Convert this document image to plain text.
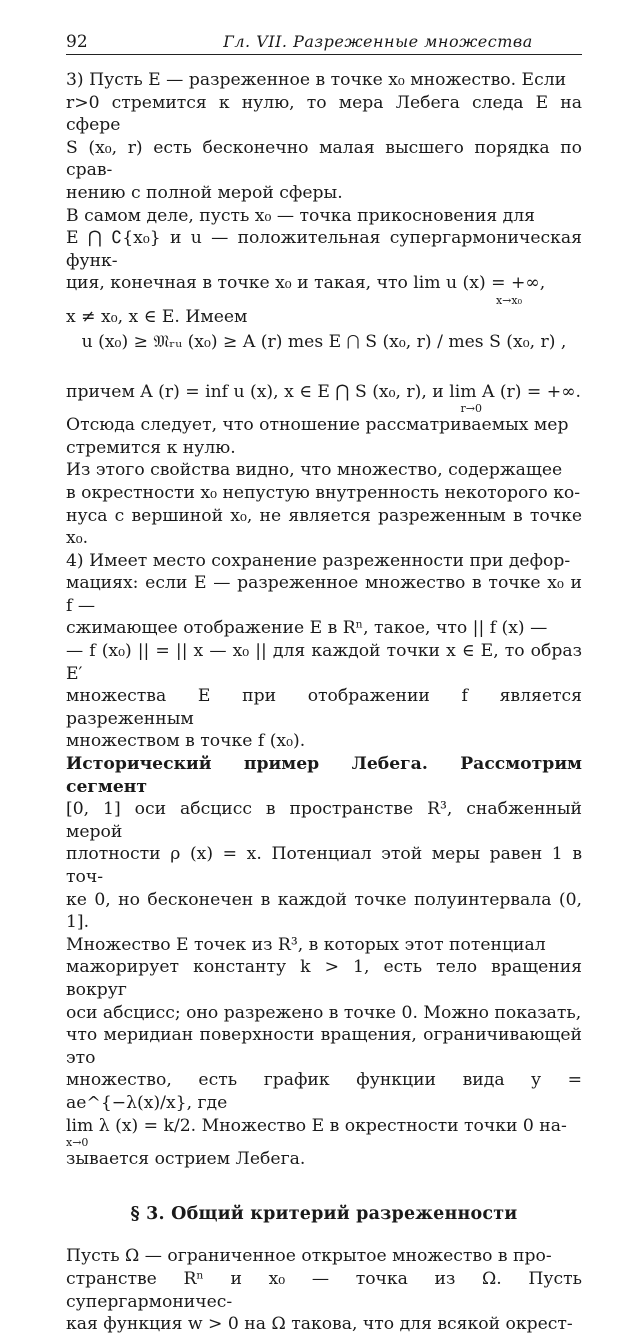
92	Гл. VII. Разреженные множества

3) Пусть E — разреженное в точке x₀ множество. Если

r>0 стремится к нулю, то мера Лебега следа E на сфере

S (x₀, r) есть бесконечно малая высшего порядка по срав-

нению с полной мерой сферы.

В самом деле, пусть x₀ — точка прикосновения для

E ⋂ ∁{x₀} и u — положительная супергармоническая функ-

ция, конечная в точке x₀ и такая, что lim u (x) = +∞,

x→x₀

x ≠ x₀, x ∈ E. Имеем

u (x₀) ≥ 𝔐ᵣᵤ (x₀) ≥ A (r) mes E ⋂ S (x₀, r) / mes S (x₀, r) ,

причем A (r) = inf u (x), x ∈ E ⋂ S (x₀, r), и lim A (r) = +∞.

r→0

Отсюда следует, что отношение рассматриваемых мер

стремится к нулю.

Из этого свойства видно, что множество, содержащее

в окрестности x₀ непустую внутренность некоторого ко-

нуса с вершиной x₀, не является разреженным в точке x₀.

4) Имеет место сохранение разреженности при дефор-

мациях: если E — разреженное множество в точке x₀ и f —

сжимающее отображение E в Rⁿ, такое, что || f (x) —

— f (x₀) || = || x — x₀ || для каждой точки x ∈ E, то образ E′

множества E при отображении f является разреженным

множеством в точке f (x₀).

Исторический пример Лебега. Рассмотрим сегмент

[0, 1] оси абсцисс в пространстве R³, снабженный мерой

плотности ρ (x) = x. Потенциал этой меры равен 1 в точ-

ке 0, но бесконечен в каждой точке полуинтервала (0, 1].

Множество E точек из R³, в которых этот потенциал

мажорирует константу k > 1, есть тело вращения вокруг

оси абсцисс; оно разрежено в точке 0. Можно показать,

что меридиан поверхности вращения, ограничивающей это

множество, есть график функции вида y = ae^{−λ(x)/x}, где

lim λ (x) = k/2. Множество E в окрестности точки 0 на-

x→0

зывается острием Лебега.

§ 3. Общий критерий разреженности

Пусть Ω — ограниченное открытое множество в про-

странстве Rⁿ и x₀ — точка из Ω. Пусть супергармоничес-

кая функция w > 0 на Ω такова, что для всякой окрест-
